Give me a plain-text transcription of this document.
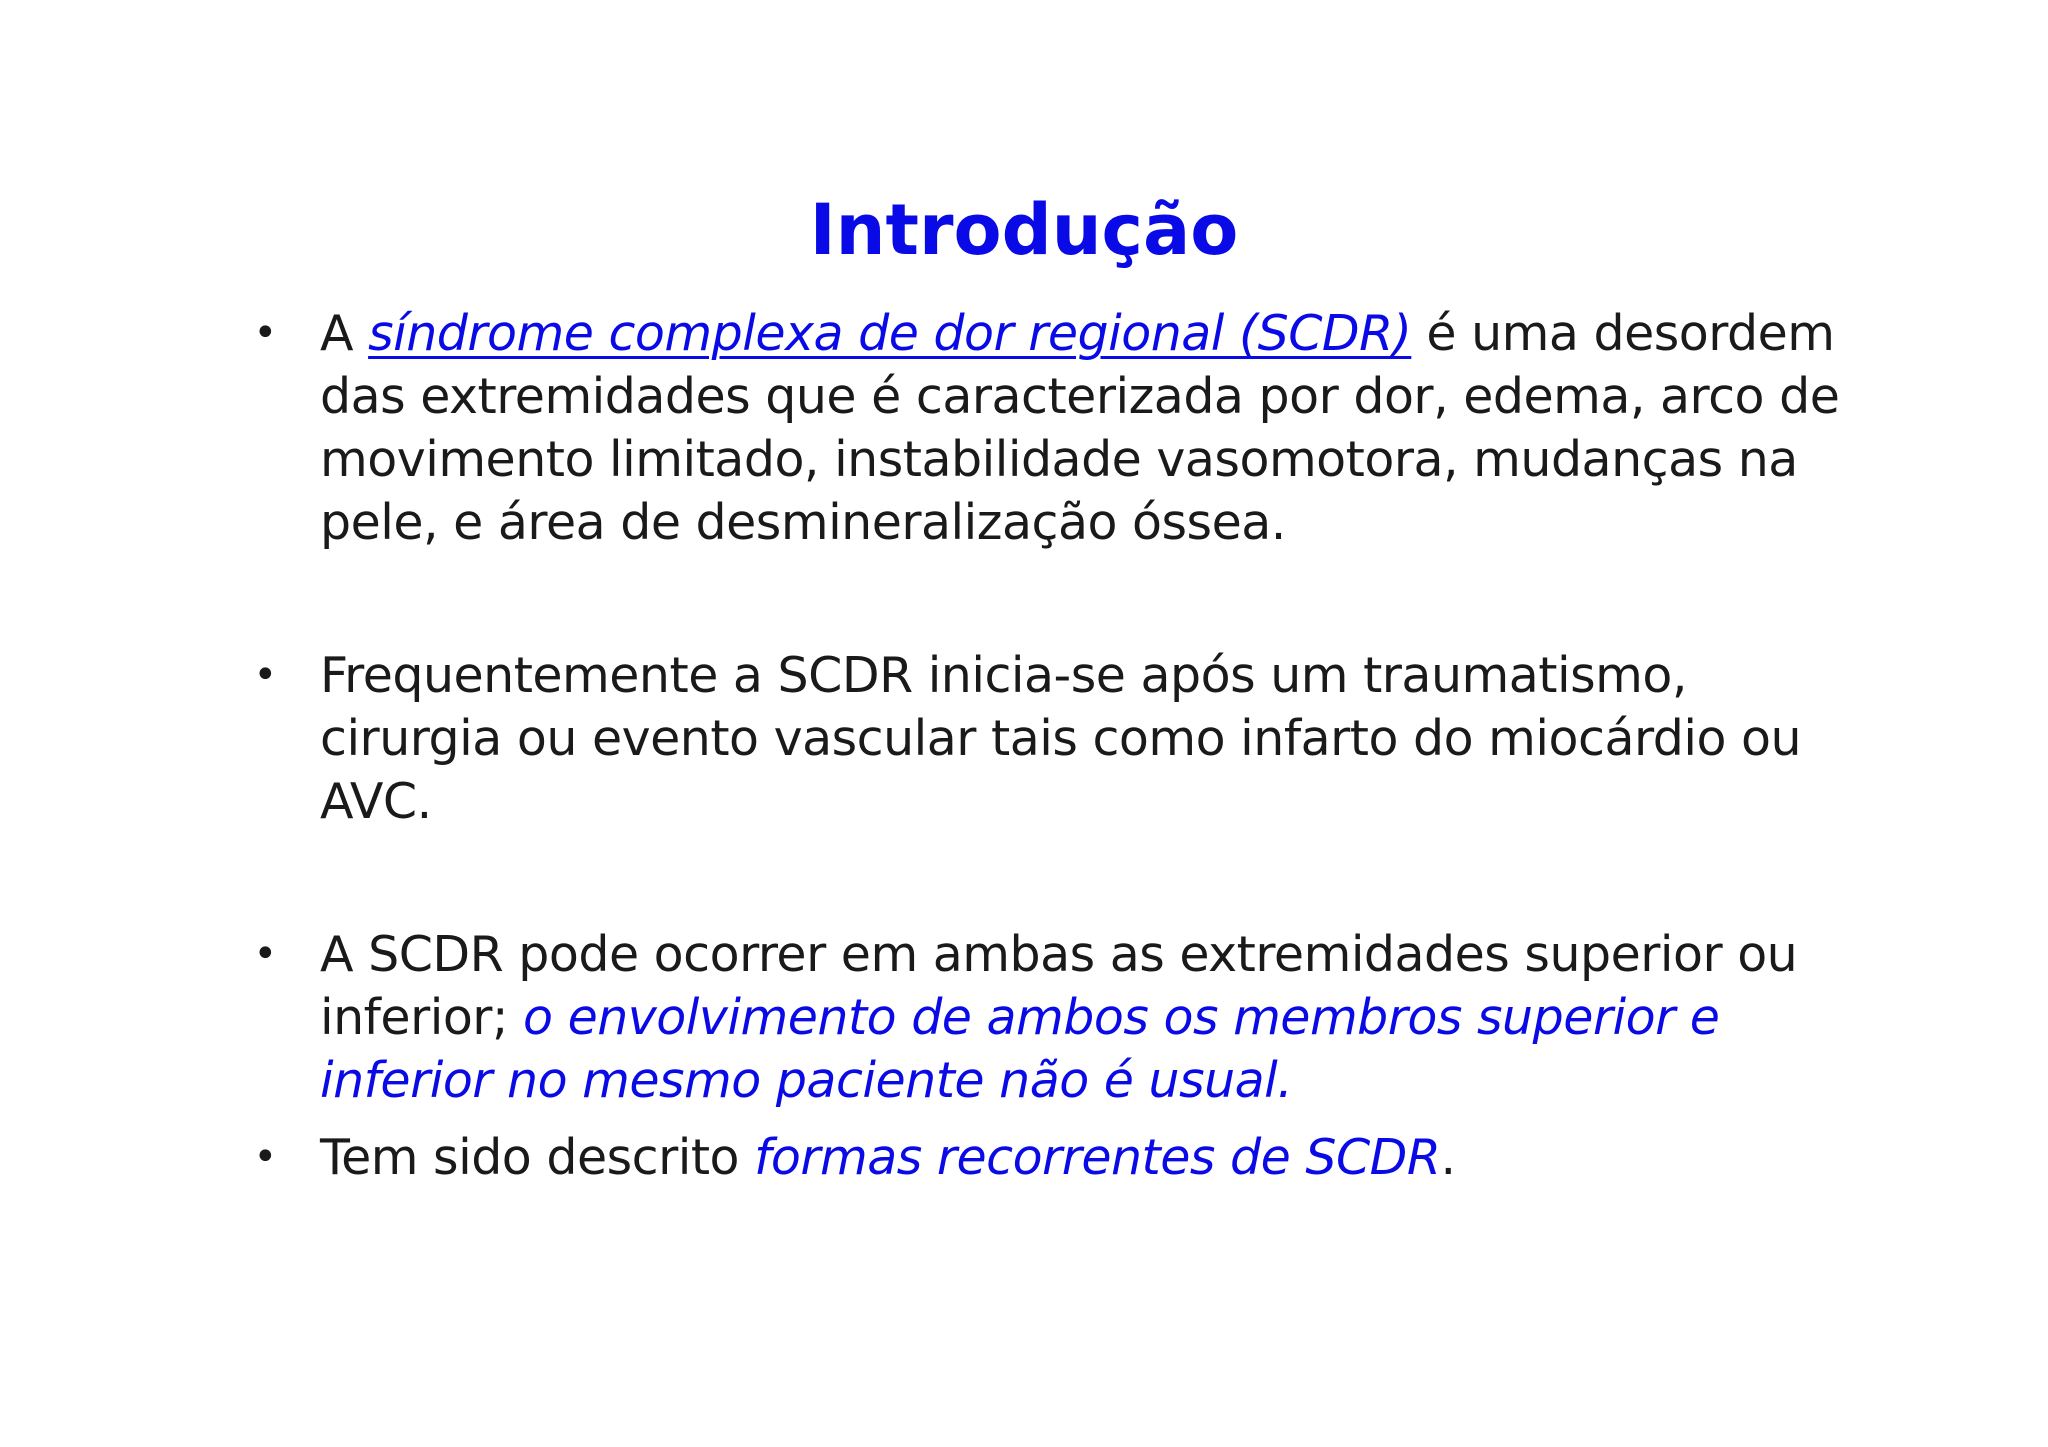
Introdução
• A síndrome complexa de dor regional (SCDR) é uma desordem das extremidades que é caracterizada por dor, edema, arco de movimento limitado, instabilidade vasomotora, mudanças na pele, e área de desmineralização óssea.
• Frequentemente a SCDR inicia-se após um traumatismo, cirurgia ou evento vascular tais como infarto do miocárdio ou AVC.
• A SCDR pode ocorrer em ambas as extremidades superior ou inferior; o envolvimento de ambos os membros superior e inferior no mesmo paciente não é usual.
• Tem sido descrito formas recorrentes de SCDR.
